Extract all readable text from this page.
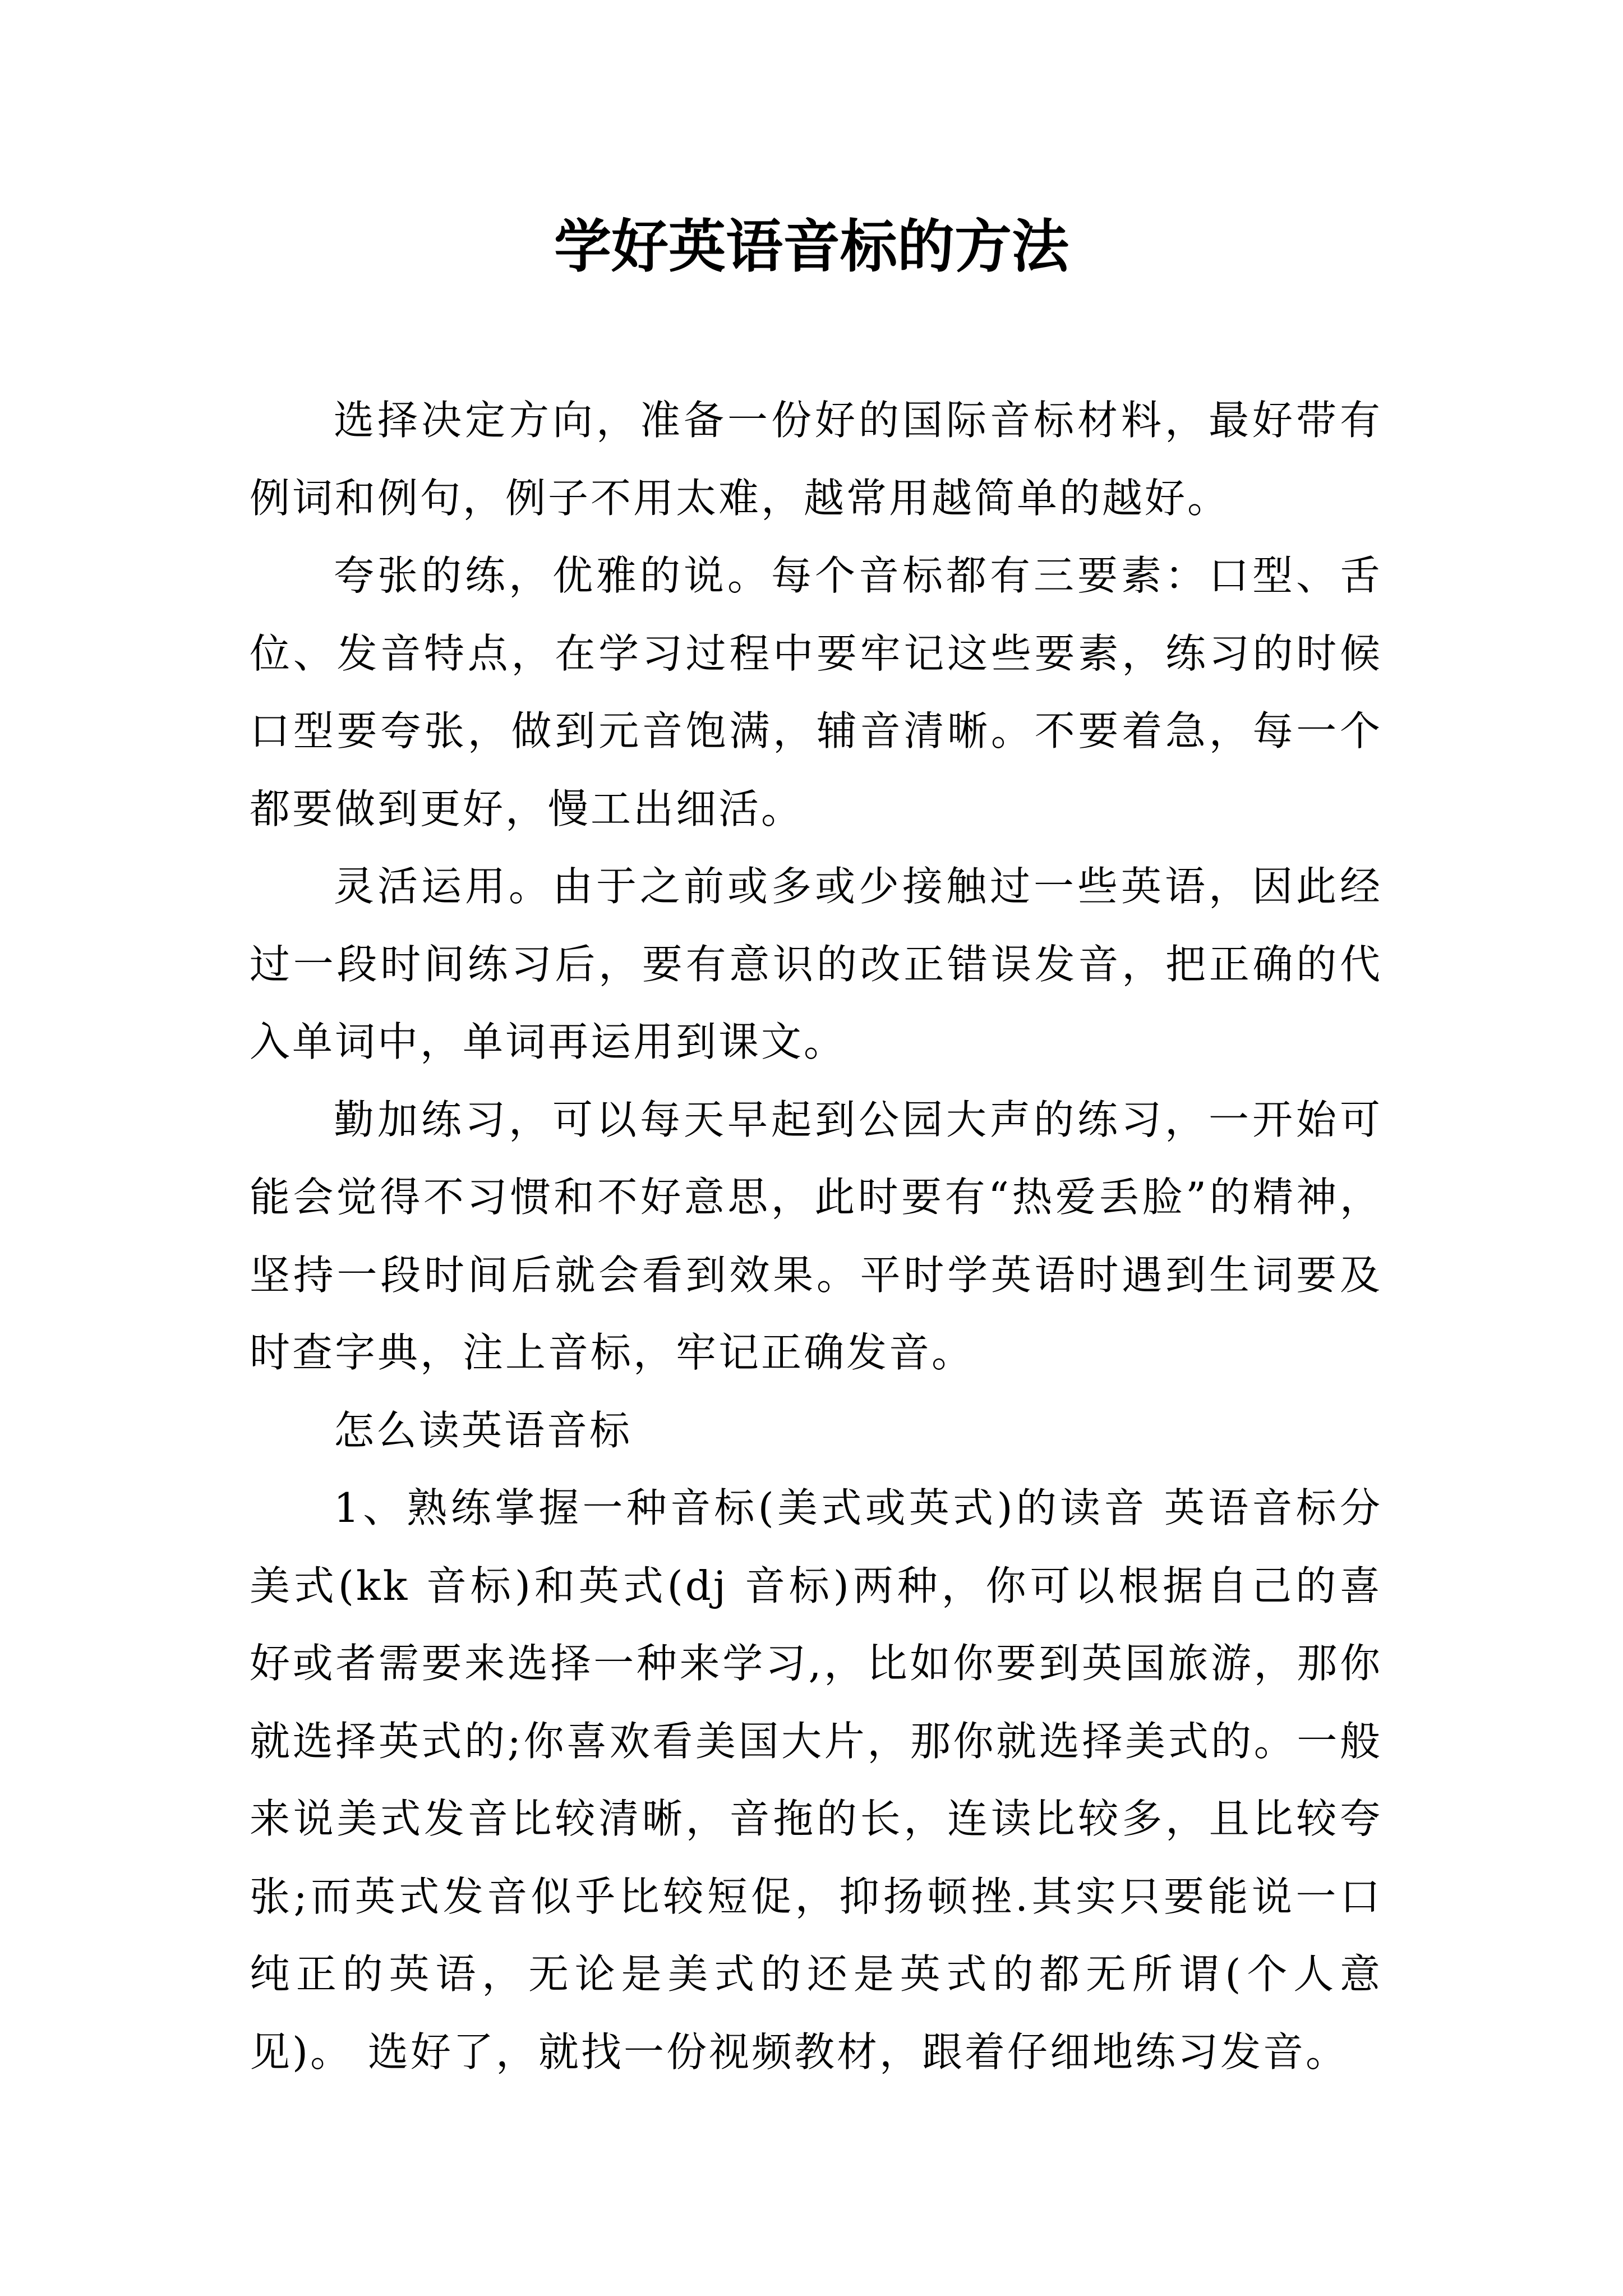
学好英语音标的方法

选择决定方向，准备一份好的国际音标材料，最好带有例词和例句，例子不用太难，越常用越简单的越好。

夸张的练，优雅的说。每个音标都有三要素：口型、舌位、发音特点，在学习过程中要牢记这些要素，练习的时候口型要夸张，做到元音饱满，辅音清晰。不要着急，每一个都要做到更好，慢工出细活。

灵活运用。由于之前或多或少接触过一些英语，因此经过一段时间练习后，要有意识的改正错误发音，把正确的代入单词中，单词再运用到课文。

勤加练习，可以每天早起到公园大声的练习，一开始可能会觉得不习惯和不好意思，此时要有“热爱丢脸”的精神，坚持一段时间后就会看到效果。平时学英语时遇到生词要及时查字典，注上音标，牢记正确发音。

怎么读英语音标

1、熟练掌握一种音标(美式或英式)的读音 英语音标分美式(kk 音标)和英式(dj 音标)两种，你可以根据自己的喜好或者需要来选择一种来学习,，比如你要到英国旅游，那你就选择英式的;你喜欢看美国大片，那你就选择美式的。一般来说美式发音比较清晰，音拖的长，连读比较多，且比较夸张;而英式发音似乎比较短促，抑扬顿挫.其实只要能说一口纯正的英语，无论是美式的还是英式的都无所谓(个人意见)。 选好了，就找一份视频教材，跟着仔细地练习发音。
